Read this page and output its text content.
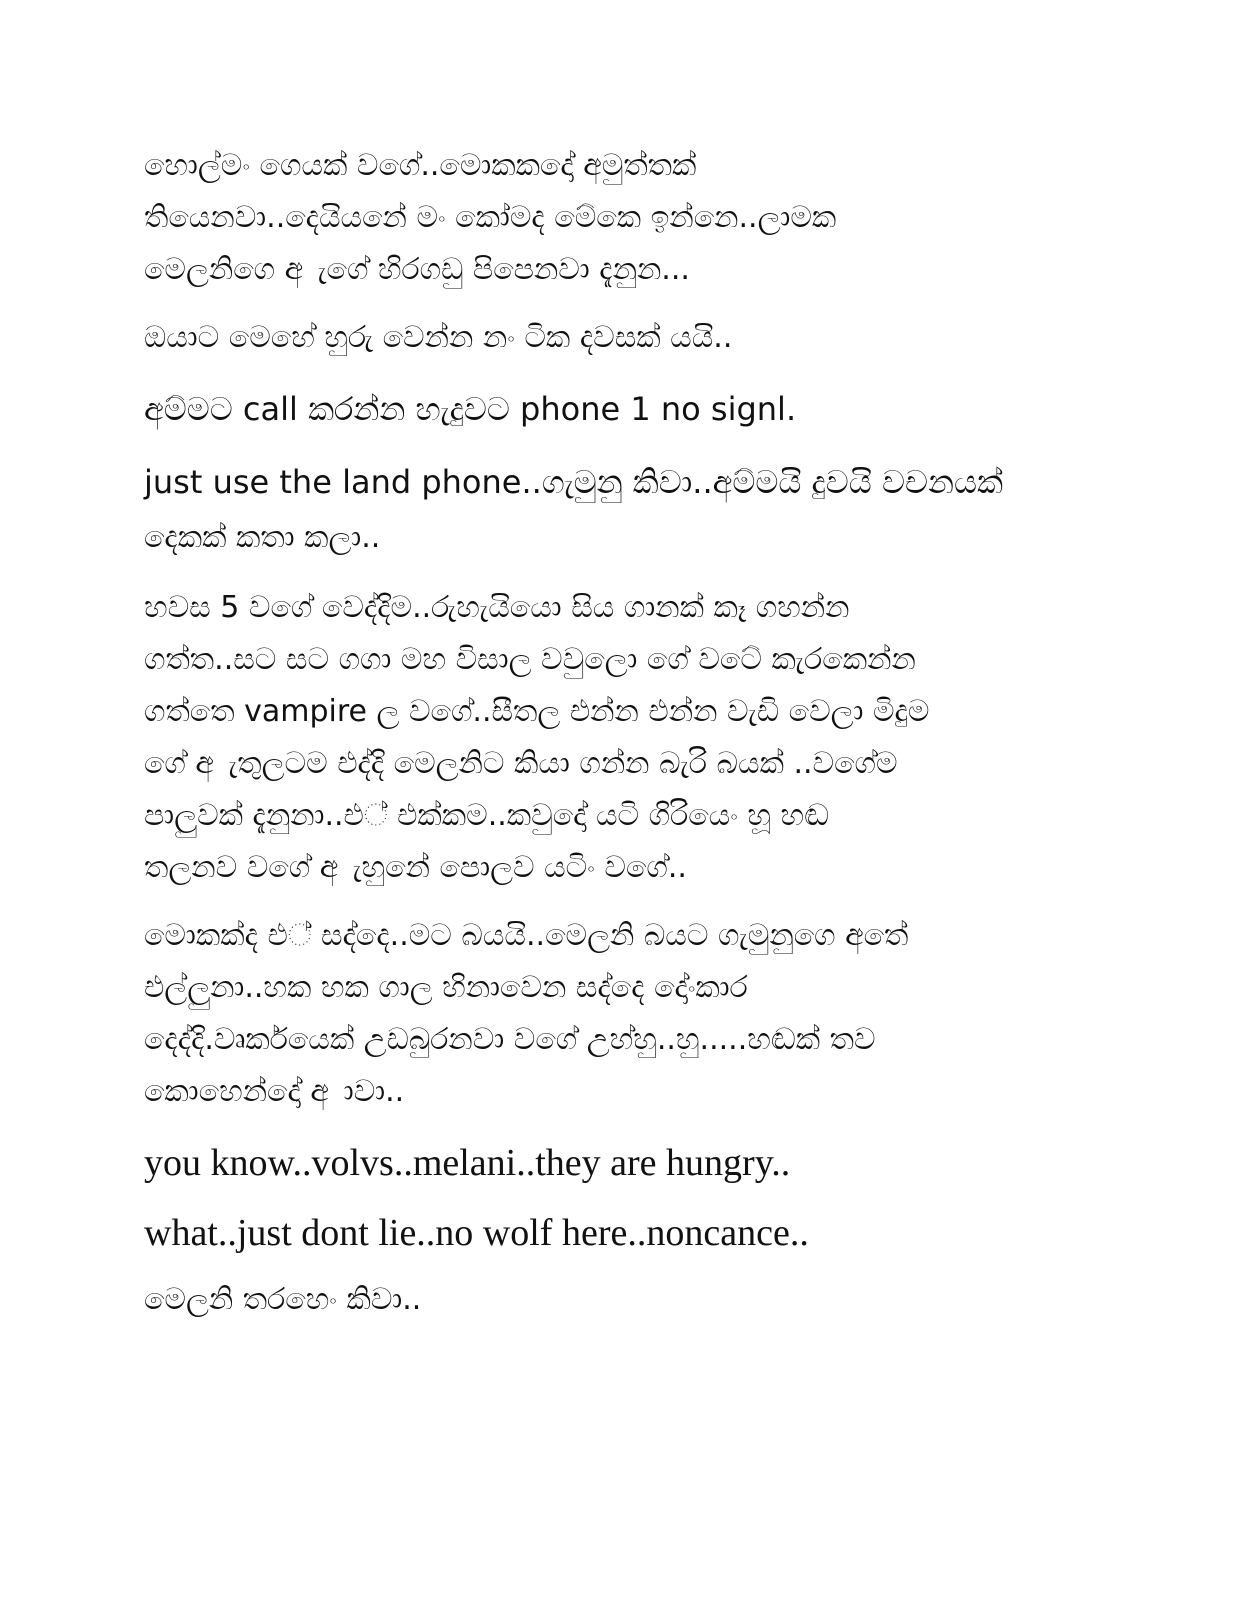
හොල්මං ගෙයක් වගේ..මොකකදෝ අමුත්තක්
තියෙනවා..දෙයියනේ මං කෝමද මේකෙ ඉන්නෙ..ලාමක
මෙලනිගෙ අ ැගේ හිරගඩු පිපෙනවා දැනුන...

ඔයාට මෙහේ හුරු වෙන්න නං ටික දවසක් යයි..

අම්මට call කරන්න හැදුවට phone 1 no signl.

just use the land phone..ගැමුනු කිවා..අම්මයි දුවයි වචනයක්
දෙකක් කතා කලා..

හවස 5 වගේ වෙද්දිම..රුහැයියො සිය ගානක් කෑ ගහන්න
ගත්ත..සට සට ගගා මහ විසාල වවුලො ගේ වටේ කැරකෙන්න
ගත්තෙ vampire ල වගේ..සීතල එන්න එන්න වැඩි වෙලා මිදුම
ගේ අ ැතුලටම එද්දි මෙලනිට කියා ගන්න බැරි බයක් ..වගේම
පාලුවක් දැනුනා..එ් එක්කම..කවුදෝ යටි ගිරියෙං හූ හඬ
තලනව වගේ අ ැහුනේ පොලව යටිං වගේ..

මොකක්ද එ් සද්දෙ..මට බයයි..මෙලනි බයට ගැමුනුගෙ අතේ
එල්ලුනා..හක හක ගාල හිනාවෙන සද්දෙ දෝංකාර
දෙද්දි.වෘර්කයෙක් උඩබුරනවා වගේ උහ්හු..හු.....හඬක් තව
කොහෙන්දෝ අ ාවා..

you know..volvs..melani..they are hungry..

what..just dont lie..no wolf here..noncance..

මෙලනි තරහෙං කිවා..
